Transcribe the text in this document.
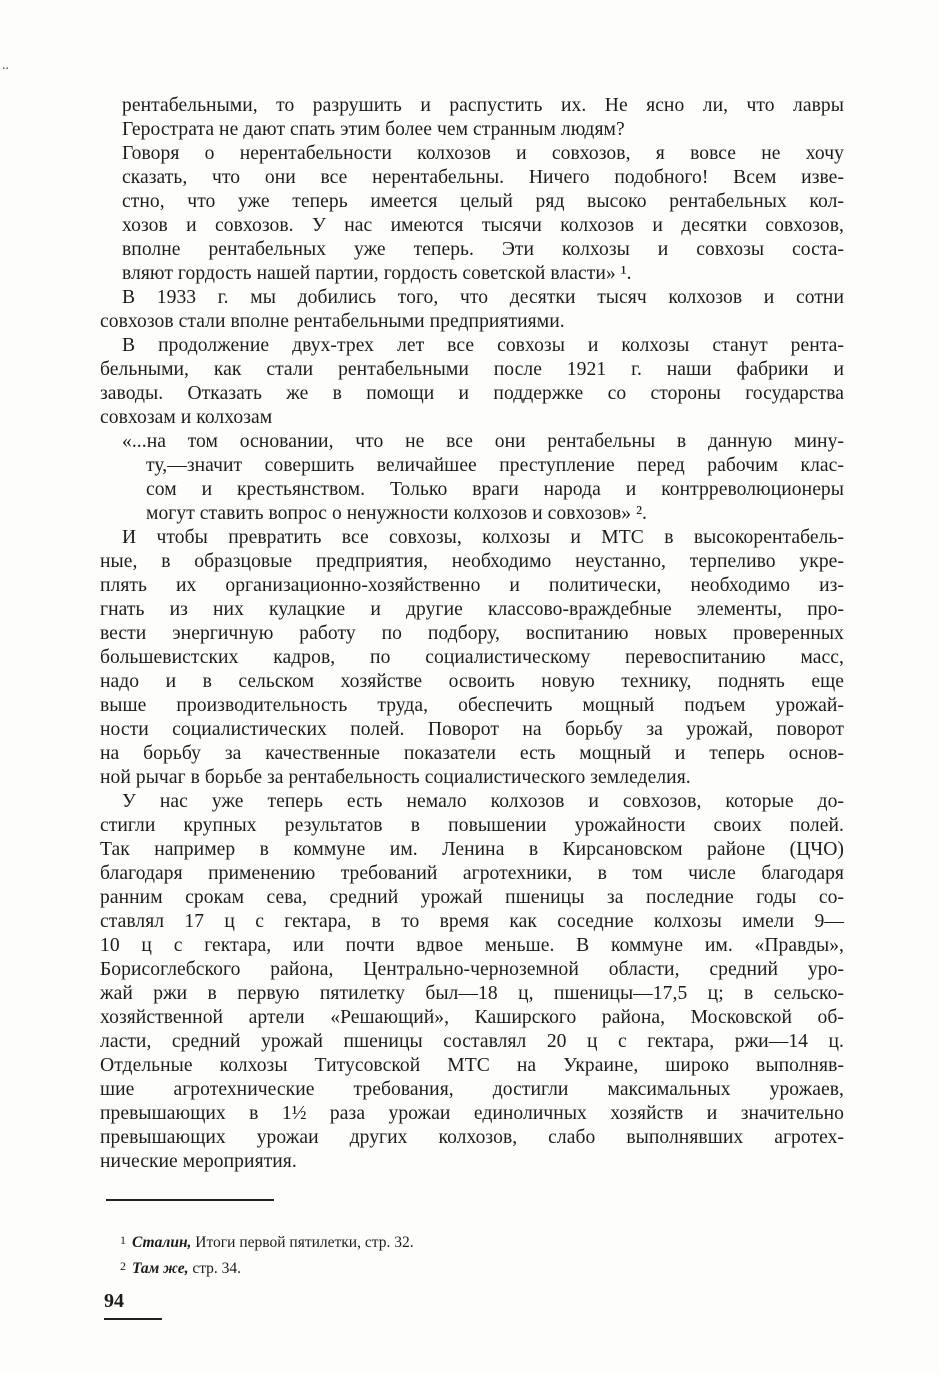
..
рентабельными, то разрушить и распустить их. Не ясно ли, что лавры
Герострата не дают спать этим более чем странным людям?
Говоря о нерентабельности колхозов и совхозов, я вовсе не хочу
сказать, что они все нерентабельны. Ничего подобного! Всем изве-
стно, что уже теперь имеется целый ряд высоко рентабельных кол-
хозов и совхозов. У нас имеются тысячи колхозов и десятки совхозов,
вполне рентабельных уже теперь. Эти колхозы и совхозы соста-
вляют гордость нашей партии, гордость советской власти» ¹.
В 1933 г. мы добились того, что десятки тысяч колхозов и сотни
совхозов стали вполне рентабельными предприятиями.
В продолжение двух-трех лет все совхозы и колхозы станут рента-
бельными, как стали рентабельными после 1921 г. наши фабрики и
заводы. Отказать же в помощи и поддержке со стороны государства
совхозам и колхозам
«...на том основании, что не все они рентабельны в данную мину-
ту,—значит совершить величайшее преступление перед рабочим клас-
сом и крестьянством. Только враги народа и контрреволюционеры
могут ставить вопрос о ненужности колхозов и совхозов» ².
И чтобы превратить все совхозы, колхозы и МТС в высокорентабель-
ные, в образцовые предприятия, необходимо неустанно, терпеливо укре-
плять их организационно-хозяйственно и политически, необходимо из-
гнать из них кулацкие и другие классово-враждебные элементы, про-
вести энергичную работу по подбору, воспитанию новых проверенных
большевистских кадров, по социалистическому перевоспитанию масс,
надо и в сельском хозяйстве освоить новую технику, поднять еще
выше производительность труда, обеспечить мощный подъем урожай-
ности социалистических полей. Поворот на борьбу за урожай, поворот
на борьбу за качественные показатели есть мощный и теперь основ-
ной рычаг в борьбе за рентабельность социалистического земледелия.
У нас уже теперь есть немало колхозов и совхозов, которые до-
стигли крупных результатов в повышении урожайности своих полей.
Так например в коммуне им. Ленина в Кирсановском районе (ЦЧО)
благодаря применению требований агротехники, в том числе благодаря
ранним срокам сева, средний урожай пшеницы за последние годы со-
ставлял 17 ц с гектара, в то время как соседние колхозы имели 9—
10 ц с гектара, или почти вдвое меньше. В коммуне им. «Правды»,
Борисоглебского района, Центрально-черноземной области, средний уро-
жай ржи в первую пятилетку был—18 ц, пшеницы—17,5 ц; в сельско-
хозяйственной артели «Решающий», Каширского района, Московской об-
ласти, средний урожай пшеницы составлял 20 ц с гектара, ржи—14 ц.
Отдельные колхозы Титусовской МТС на Украине, широко выполняв-
шие агротехнические требования, достигли максимальных урожаев,
превышающих в 1½ раза урожаи единоличных хозяйств и значительно
превышающих урожаи других колхозов, слабо выполнявших агротех-
нические мероприятия.
1 Сталин, Итоги первой пятилетки, стр. 32.
2 Там же, стр. 34.
94
